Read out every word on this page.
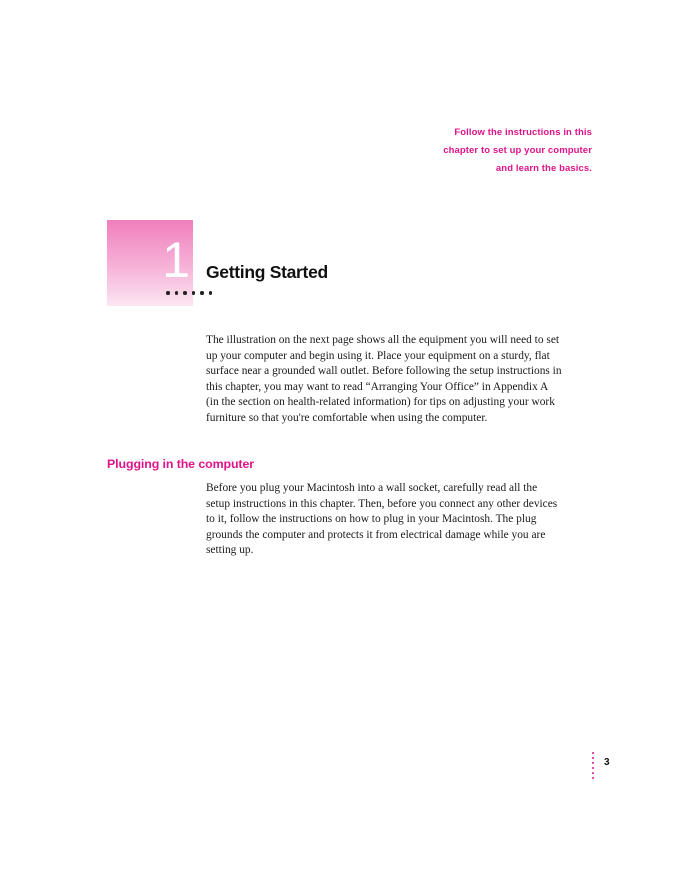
Follow the instructions in this
chapter to set up your computer
and learn the basics.
1 Getting Started
The illustration on the next page shows all the equipment you will need to set
up your computer and begin using it. Place your equipment on a sturdy, flat
surface near a grounded wall outlet. Before following the setup instructions in
this chapter, you may want to read “Arranging Your Office” in Appendix A
(in the section on health-related information) for tips on adjusting your work
furniture so that you're comfortable when using the computer.
Plugging in the computer
Before you plug your Macintosh into a wall socket, carefully read all the
setup instructions in this chapter. Then, before you connect any other devices
to it, follow the instructions on how to plug in your Macintosh. The plug
grounds the computer and protects it from electrical damage while you are
setting up.
3
